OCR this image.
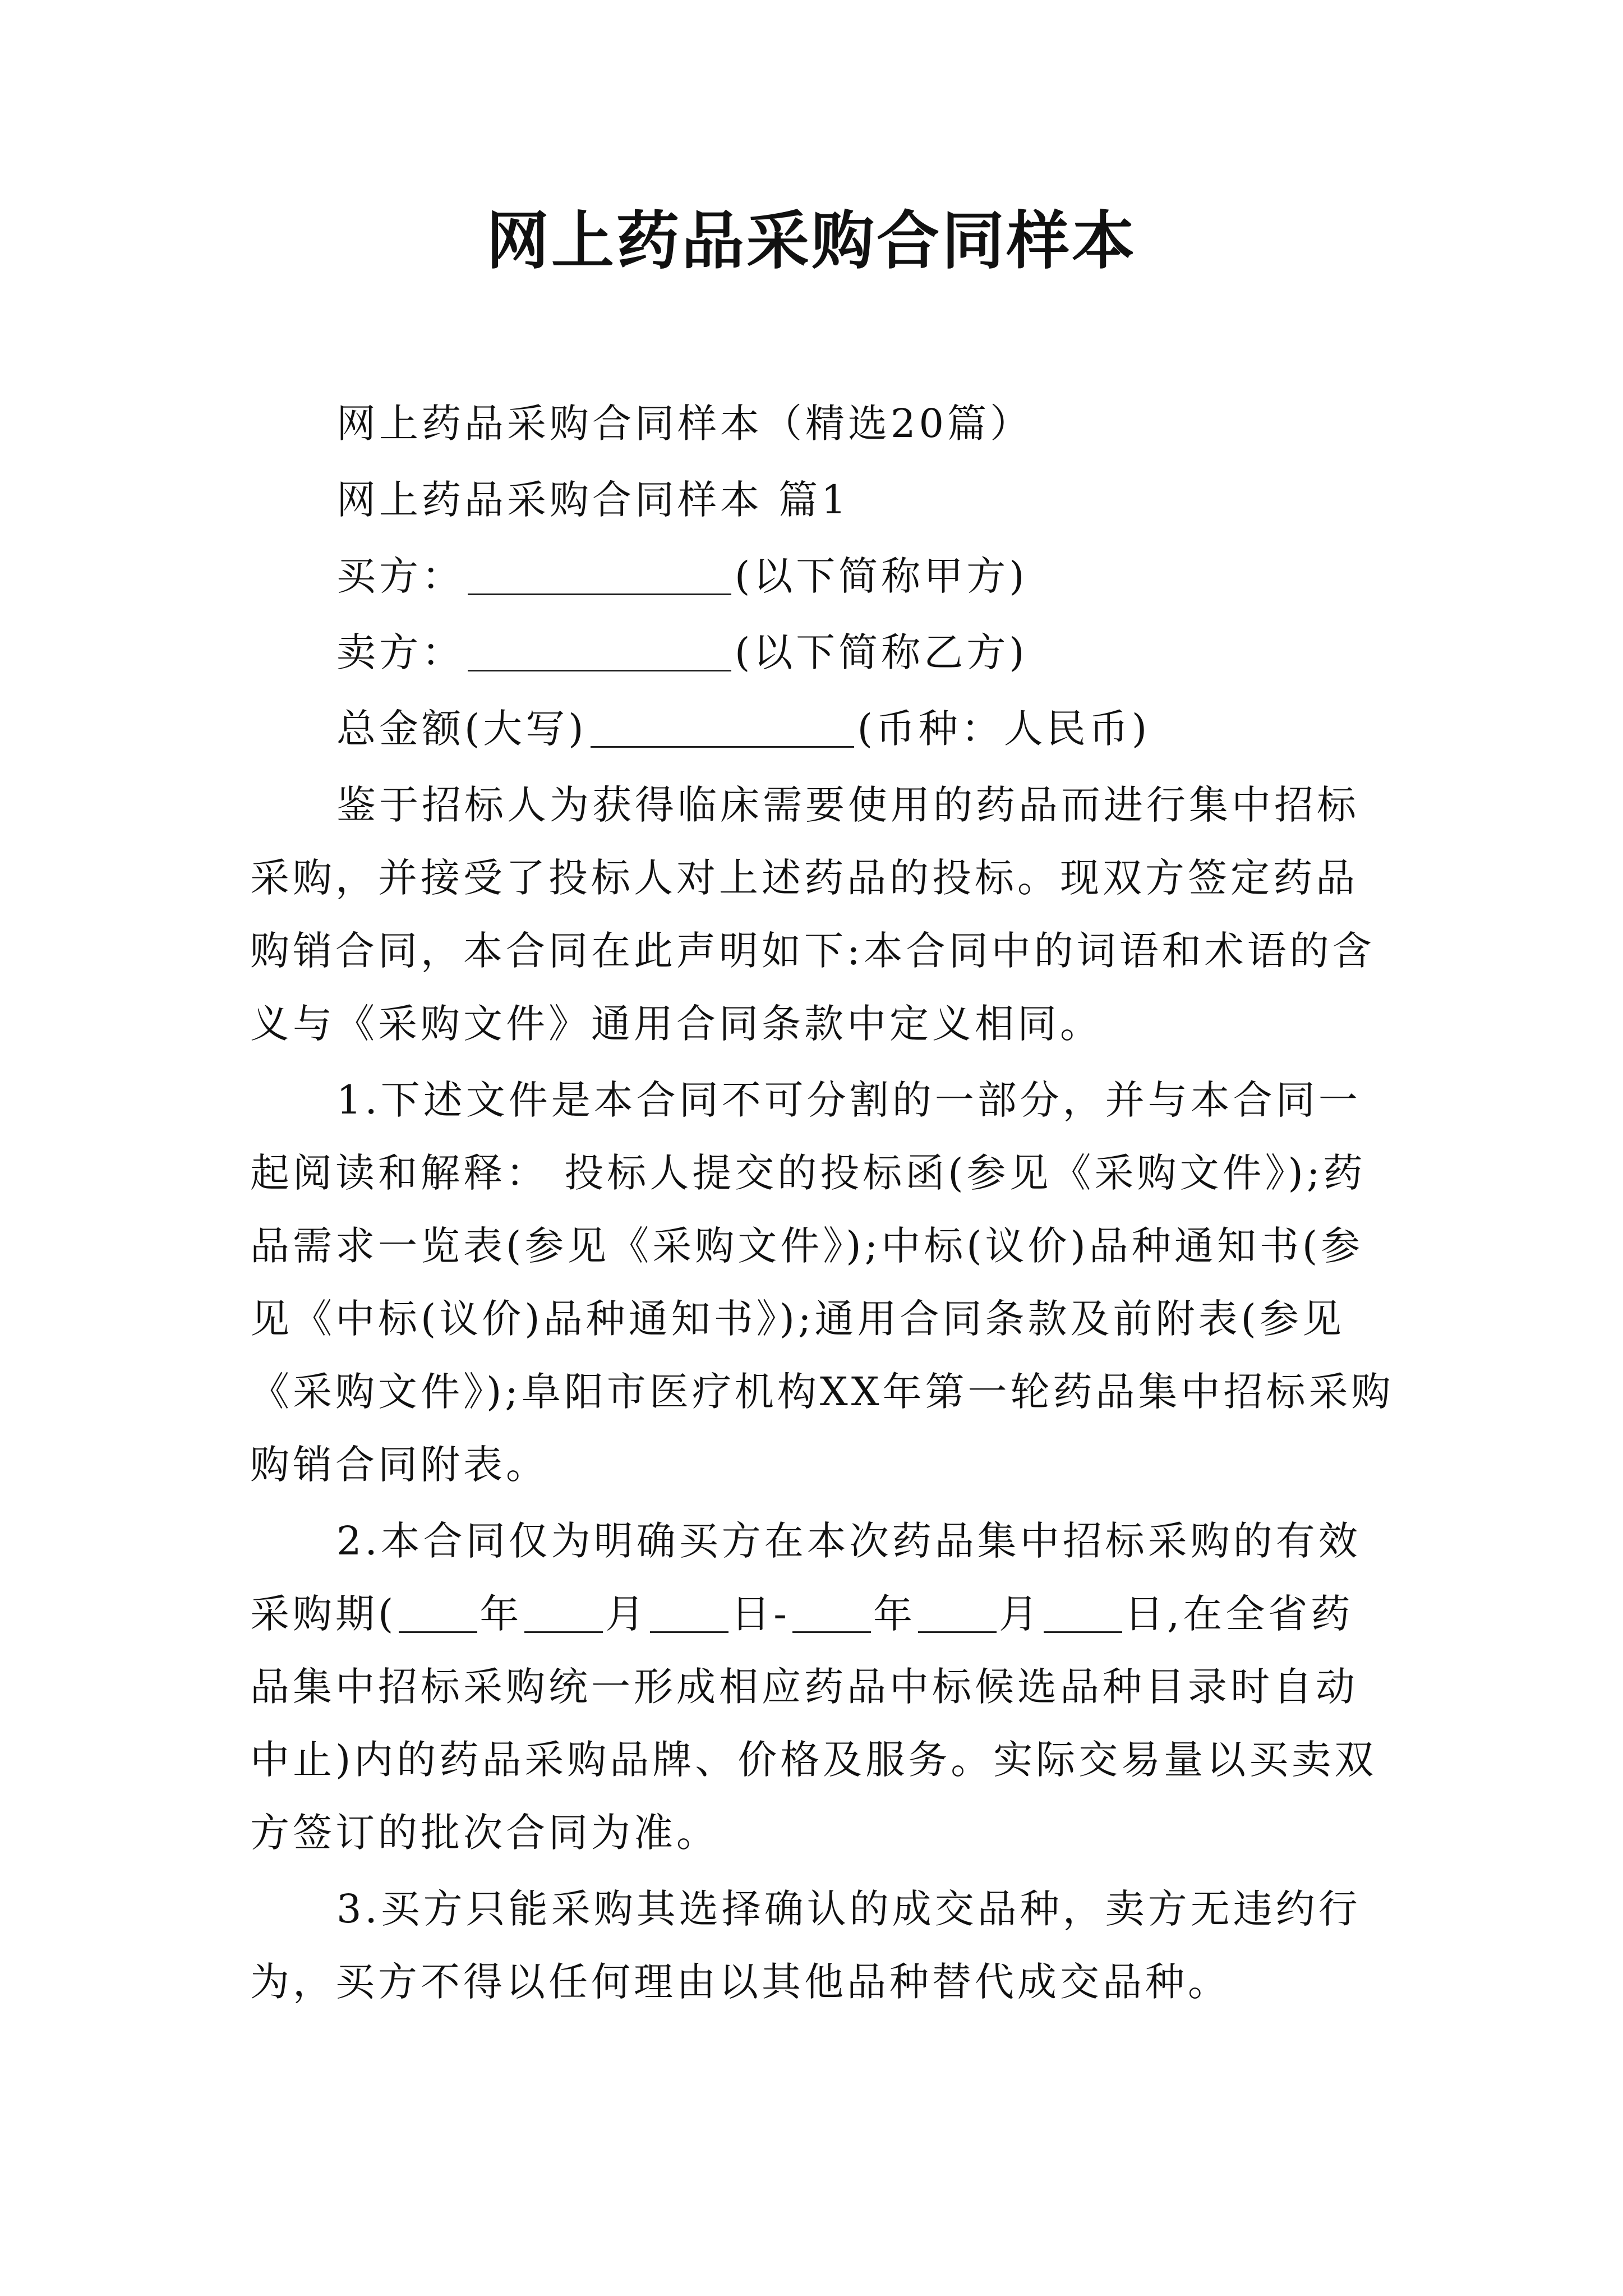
网上药品采购合同样本

网上药品采购合同样本（精选20篇）

网上药品采购合同样本 篇1

买方：	(以下简称甲方)

卖方：	(以下简称乙方)

总金额(大写)	(币种：人民币)

鉴于招标人为获得临床需要使用的药品而进行集中招标采购，并接受了投标人对上述药品的投标。现双方签定药品购销合同，本合同在此声明如下:本合同中的词语和术语的含义与《采购文件》通用合同条款中定义相同。

1.下述文件是本合同不可分割的一部分，并与本合同一起阅读和解释： 投标人提交的投标函(参见《采购文件》);药品需求一览表(参见《采购文件》);中标(议价)品种通知书(参见《中标(议价)品种通知书》);通用合同条款及前附表(参见《采购文件》);阜阳市医疗机构XX年第一轮药品集中招标采购购销合同附表。

2.本合同仅为明确买方在本次药品集中招标采购的有效采购期( 年 月 日- 年 月 日,在全省药品集中招标采购统一形成相应药品中标候选品种目录时自动中止)内的药品采购品牌、价格及服务。实际交易量以买卖双方签订的批次合同为准。

3.买方只能采购其选择确认的成交品种，卖方无违约行为，买方不得以任何理由以其他品种替代成交品种。
